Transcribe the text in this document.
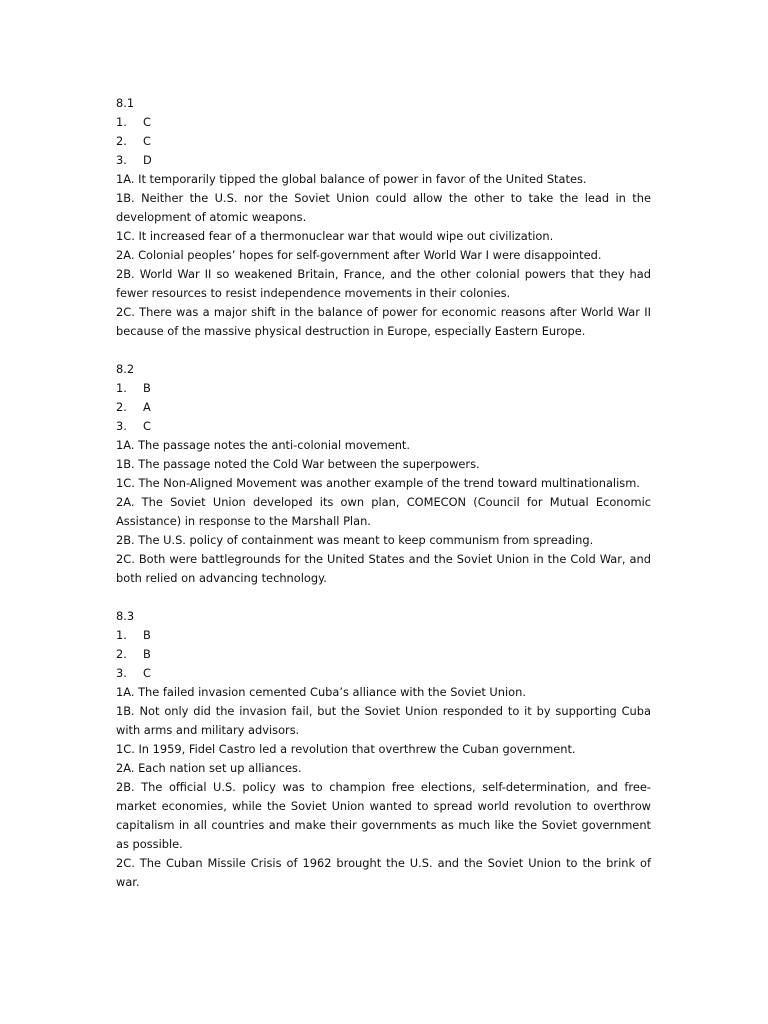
8.1
1.	C
2.	C
3.	D
1A. It temporarily tipped the global balance of power in favor of the United States.
1B. Neither the U.S. nor the Soviet Union could allow the other to take the lead in the development of atomic weapons.
1C. It increased fear of a thermonuclear war that would wipe out civilization.
2A. Colonial peoples’ hopes for self-government after World War I were disappointed.
2B. World War II so weakened Britain, France, and the other colonial powers that they had fewer resources to resist independence movements in their colonies.
2C. There was a major shift in the balance of power for economic reasons after World War II because of the massive physical destruction in Europe, especially Eastern Europe.
8.2
1.	B
2.	A
3.	C
1A. The passage notes the anti-colonial movement.
1B. The passage noted the Cold War between the superpowers.
1C. The Non-Aligned Movement was another example of the trend toward multinationalism.
2A. The Soviet Union developed its own plan, COMECON (Council for Mutual Economic Assistance) in response to the Marshall Plan.
2B. The U.S. policy of containment was meant to keep communism from spreading.
2C. Both were battlegrounds for the United States and the Soviet Union in the Cold War, and both relied on advancing technology.
8.3
1.	B
2.	B
3.	C
1A. The failed invasion cemented Cuba’s alliance with the Soviet Union.
1B. Not only did the invasion fail, but the Soviet Union responded to it by supporting Cuba with arms and military advisors.
1C. In 1959, Fidel Castro led a revolution that overthrew the Cuban government.
2A. Each nation set up alliances.
2B. The official U.S. policy was to champion free elections, self-determination, and free-market economies, while the Soviet Union wanted to spread world revolution to overthrow capitalism in all countries and make their governments as much like the Soviet government as possible.
2C. The Cuban Missile Crisis of 1962 brought the U.S. and the Soviet Union to the brink of war.
